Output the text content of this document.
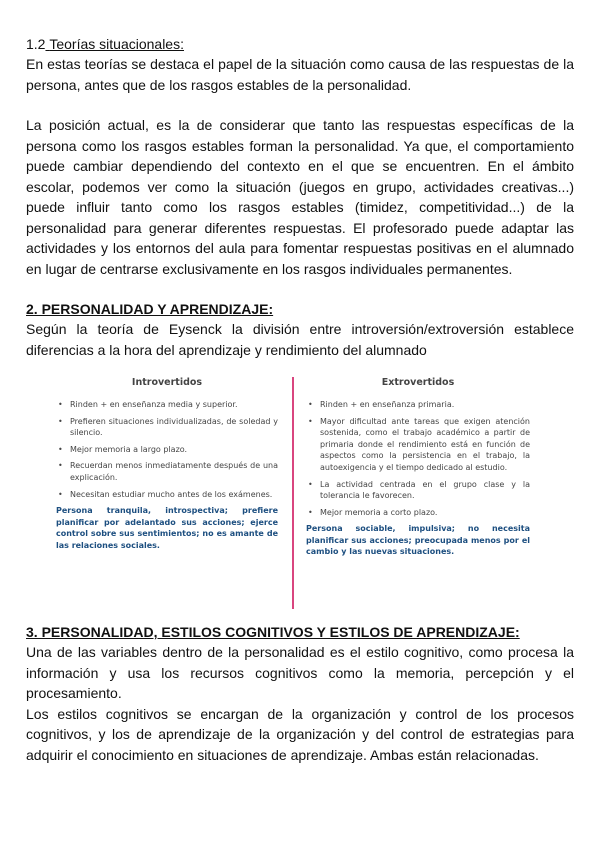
1.2 Teorías situacionales:

En estas teorías se destaca el papel de la situación como causa de las respuestas de la persona, antes que de los rasgos estables de la personalidad.

La posición actual, es la de considerar que tanto las respuestas específicas de la persona como los rasgos estables forman la personalidad. Ya que, el comportamiento puede cambiar dependiendo del contexto en el que se encuentren. En el ámbito escolar, podemos ver como la situación (juegos en grupo, actividades creativas...) puede influir tanto como los rasgos estables (timidez, competitividad...) de la personalidad para generar diferentes respuestas. El profesorado puede adaptar las actividades y los entornos del aula para fomentar respuestas positivas en el alumnado en lugar de centrarse exclusivamente en los rasgos individuales permanentes.

2. PERSONALIDAD Y APRENDIZAJE:

Según la teoría de Eysenck la división entre introversión/extroversión establece diferencias a la hora del aprendizaje y rendimiento del alumnado

Introvertidos
• Rinden + en enseñanza media y superior.
• Prefieren situaciones individualizadas, de soledad y silencio.
• Mejor memoria a largo plazo.
• Recuerdan menos inmediatamente después de una explicación.
• Necesitan estudiar mucho antes de los exámenes.
Persona tranquila, introspectiva; prefiere planificar por adelantado sus acciones; ejerce control sobre sus sentimientos; no es amante de las relaciones sociales.
Extrovertidos
• Rinden + en enseñanza primaria.
• Mayor dificultad ante tareas que exigen atención sostenida, como el trabajo académico a partir de primaria donde el rendimiento está en función de aspectos como la persistencia en el trabajo, la autoexigencia y el tiempo dedicado al estudio.
• La actividad centrada en el grupo clase y la tolerancia le favorecen.
• Mejor memoria a corto plazo.
Persona sociable, impulsiva; no necesita planificar sus acciones; preocupada menos por el cambio y las nuevas situaciones.
3. PERSONALIDAD, ESTILOS COGNITIVOS Y ESTILOS DE APRENDIZAJE:

Una de las variables dentro de la personalidad es el estilo cognitivo, como procesa la información y usa los recursos cognitivos como la memoria, percepción y el procesamiento.

Los estilos cognitivos se encargan de la organización y control de los procesos cognitivos, y los de aprendizaje de la organización y del control de estrategias para adquirir el conocimiento en situaciones de aprendizaje. Ambas están relacionadas.
